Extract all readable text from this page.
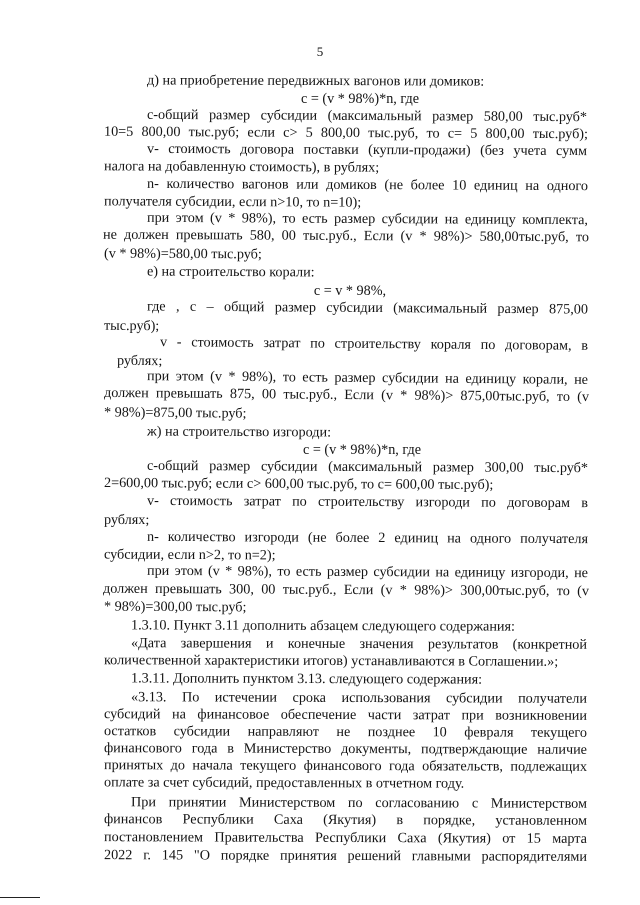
5
д) на приобретение передвижных вагонов или домиков:
с = (v * 98%)*n, где
с-общий размер субсидии (максимальный размер 580,00 тыс.руб*
10=5 800,00 тыс.руб; если с> 5 800,00 тыс.руб, то с= 5 800,00 тыс.руб);
v- стоимость договора поставки (купли-продажи) (без учета сумм
налога на добавленную стоимость), в рублях;
n- количество вагонов или домиков (не более 10 единиц на одного
получателя субсидии, если n>10, то n=10);
при этом (v * 98%), то есть размер субсидии на единицу комплекта,
не должен превышать 580, 00 тыс.руб., Если (v * 98%)> 580,00тыс.руб, то
(v * 98%)=580,00 тыс.руб;
е) на строительство корали:
с = v * 98%,
где , с – общий размер субсидии (максимальный размер 875,00
тыс.руб);
v - стоимость затрат по строительству кораля по договорам, в
рублях;
при этом (v * 98%), то есть размер субсидии на единицу корали, не
должен превышать 875, 00 тыс.руб., Если (v * 98%)> 875,00тыс.руб, то (v
* 98%)=875,00 тыс.руб;
ж) на строительство изгороди:
с = (v * 98%)*n, где
с-общий размер субсидии (максимальный размер 300,00 тыс.руб*
2=600,00 тыс.руб; если с> 600,00 тыс.руб, то с= 600,00 тыс.руб);
v- стоимость затрат по строительству изгороди по договорам в
рублях;
n- количество изгороди (не более 2 единиц на одного получателя
субсидии, если n>2, то n=2);
при этом (v * 98%), то есть размер субсидии на единицу изгороди, не
должен превышать 300, 00 тыс.руб., Если (v * 98%)> 300,00тыс.руб, то (v
* 98%)=300,00 тыс.руб;
1.3.10. Пункт 3.11 дополнить абзацем следующего содержания:
«Дата завершения и конечные значения результатов (конкретной
количественной характеристики итогов) устанавливаются в Соглашении.»;
1.3.11. Дополнить пунктом 3.13. следующего содержания:
«3.13. По истечении срока использования субсидии получатели
субсидий на финансовое обеспечение части затрат при возникновении
остатков субсидии направляют не позднее 10 февраля текущего
финансового года в Министерство документы, подтверждающие наличие
принятых до начала текущего финансового года обязательств, подлежащих
оплате за счет субсидий, предоставленных в отчетном году.
При принятии Министерством по согласованию с Министерством
финансов Республики Саха (Якутия) в порядке, установленном
постановлением Правительства Республики Саха (Якутия) от 15 марта
2022 г. 145 "О порядке принятия решений главными распорядителями
